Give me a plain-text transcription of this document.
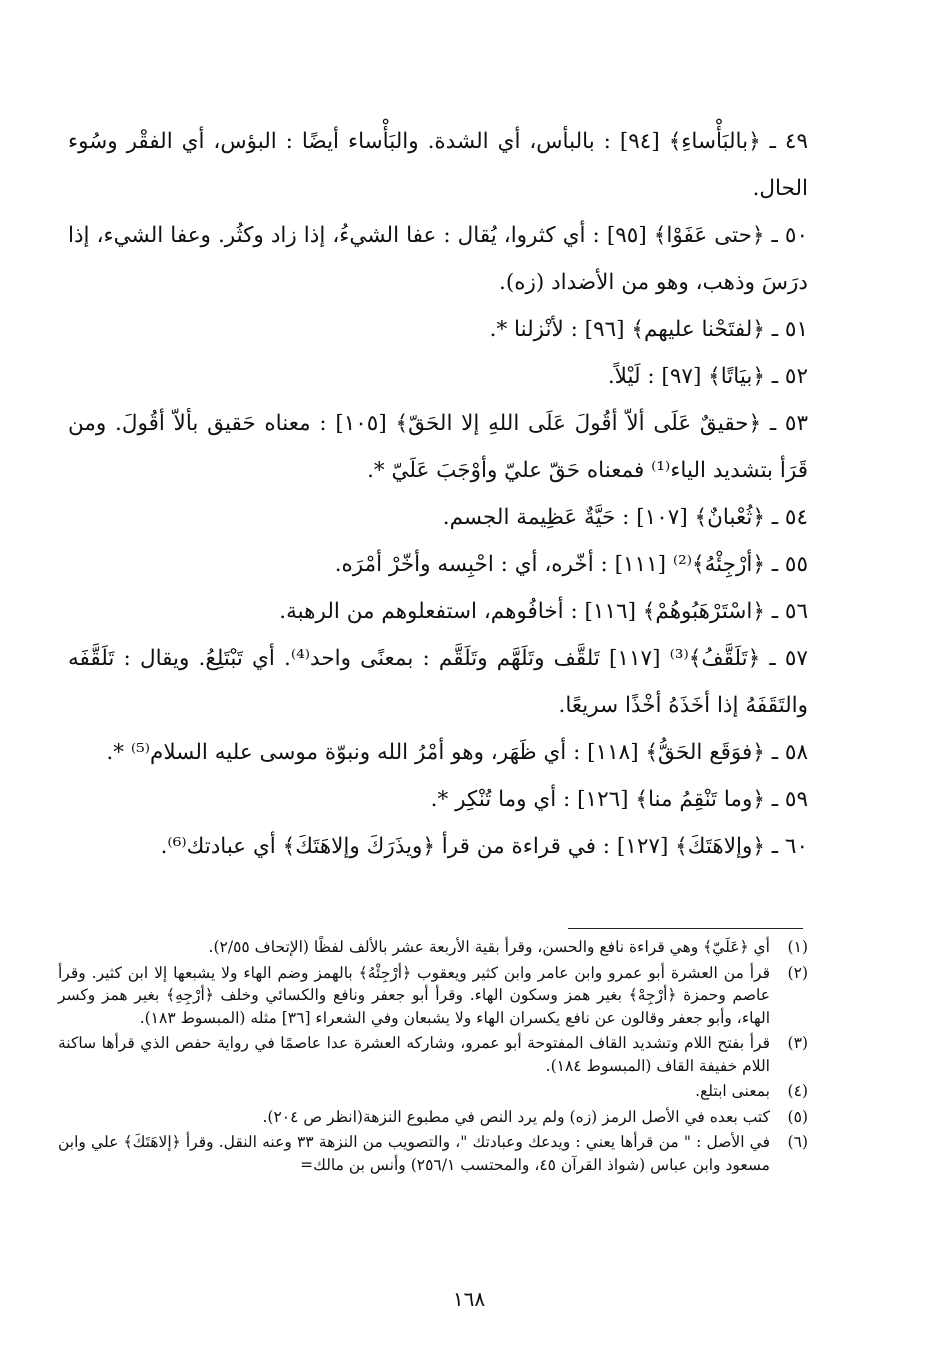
٤٩ ـ ﴿بالبَأْساءِ﴾ [٩٤] : بالبأس، أي الشدة. والبَأْساء أيضًا : البؤس، أي الفقْر وسُوء الحال.

٥٠ ـ ﴿حتى عَفَوْا﴾ [٩٥] : أي كثروا، يُقال : عفا الشيءُ، إذا زاد وكثُر. وعفا الشيء، إذا درَسَ وذهب، وهو من الأضداد (زه).

٥١ ـ ﴿لفتَحْنا عليهم﴾ [٩٦] : لأنْزلنا *.

٥٢ ـ ﴿بيَاتًا﴾ [٩٧] : لَيْلاً.

٥٣ ـ ﴿حقيقٌ عَلَى ألاّ أقُولَ عَلَى اللهِ إلا الحَقّ﴾ [١٠٥] : معناه حَقيق بألاّ أقُولَ. ومن قَرَأ بتشديد الياء⁽¹⁾ فمعناه حَقّ عليّ وأوْجَبَ عَلَيّ *.

٥٤ ـ ﴿ثُعْبانٌ﴾ [١٠٧] : حَيَّةٌ عَظِيمة الجسم.

٥٥ ـ ﴿أرْجِئْهُ﴾⁽²⁾ [١١١] : أخّره، أي : احْبِسه وأخّرْ أمْرَه.

٥٦ ـ ﴿اسْتَرْهَبُوهُمْ﴾ [١١٦] : أخافُوهم، استفعلوهم من الرهبة.

٥٧ ـ ﴿تَلَقَّفُ﴾⁽³⁾ [١١٧] تَلقَّف وتَلَهَّم وتَلَقَّم : بمعنًى واحد⁽⁴⁾. أي تَبْتَلِعُ. ويقال : تَلَقَّفَه والتَقَفَهُ إذا أخَذَهُ أخْذًا سريعًا.

٥٨ ـ ﴿فوَقَع الحَقُّ﴾ [١١٨] : أي ظَهَر، وهو أمْرُ الله ونبوّة موسى عليه السلام⁽⁵⁾ *.

٥٩ ـ ﴿وما تَنْقِمُ منا﴾ [١٢٦] : أي وما تُنْكِر *.

٦٠ ـ ﴿وإلاهَتَكَ﴾ [١٢٧] : في قراءة من قرأ ﴿ويذَرَكَ وإلاهَتَكَ﴾ أي عبادتك⁽⁶⁾.

(١)
أي ﴿عَلَيّ﴾ وهي قراءة نافع والحسن، وقرأ بقية الأربعة عشر بالألف لفظًا (الإتحاف ٢/٥٥).
(٢)
قرأ من العشرة أبو عمرو وابن عامر وابن كثير ويعقوب ﴿أرْجِئْهُ﴾ بالهمز وضم الهاء ولا يشبعها إلا ابن كثير. وقرأ عاصم وحمزة ﴿أرْجِهْ﴾ بغير همز وسكون الهاء. وقرأ أبو جعفر ونافع والكسائي وخلف ﴿أرْجِهِ﴾ بغير همز وكسر الهاء، وأبو جعفر وقالون عن نافع يكسران الهاء ولا يشبعان وفي الشعراء [٣٦] مثله (المبسوط ١٨٣).
(٣)
قرأ بفتح اللام وتشديد القاف المفتوحة أبو عمرو، وشاركه العشرة عدا عاصمًا في رواية حفص الذي قرأها ساكنة اللام خفيفة القاف (المبسوط ١٨٤).
(٤)
بمعنى ابتلع.
(٥)
كتب بعده في الأصل الرمز (زه) ولم يرد النص في مطبوع النزهة(انظر ص ٢٠٤).
(٦)
في الأصل : " من قرأها يعني : ويدعك وعبادتك "، والتصويب من النزهة ٣٣ وعنه النقل. وقرأ ﴿إلاهَتَكَ﴾ علي وابن مسعود وابن عباس (شواذ القرآن ٤٥، والمحتسب ٢٥٦/١) وأنس بن مالك=
١٦٨
